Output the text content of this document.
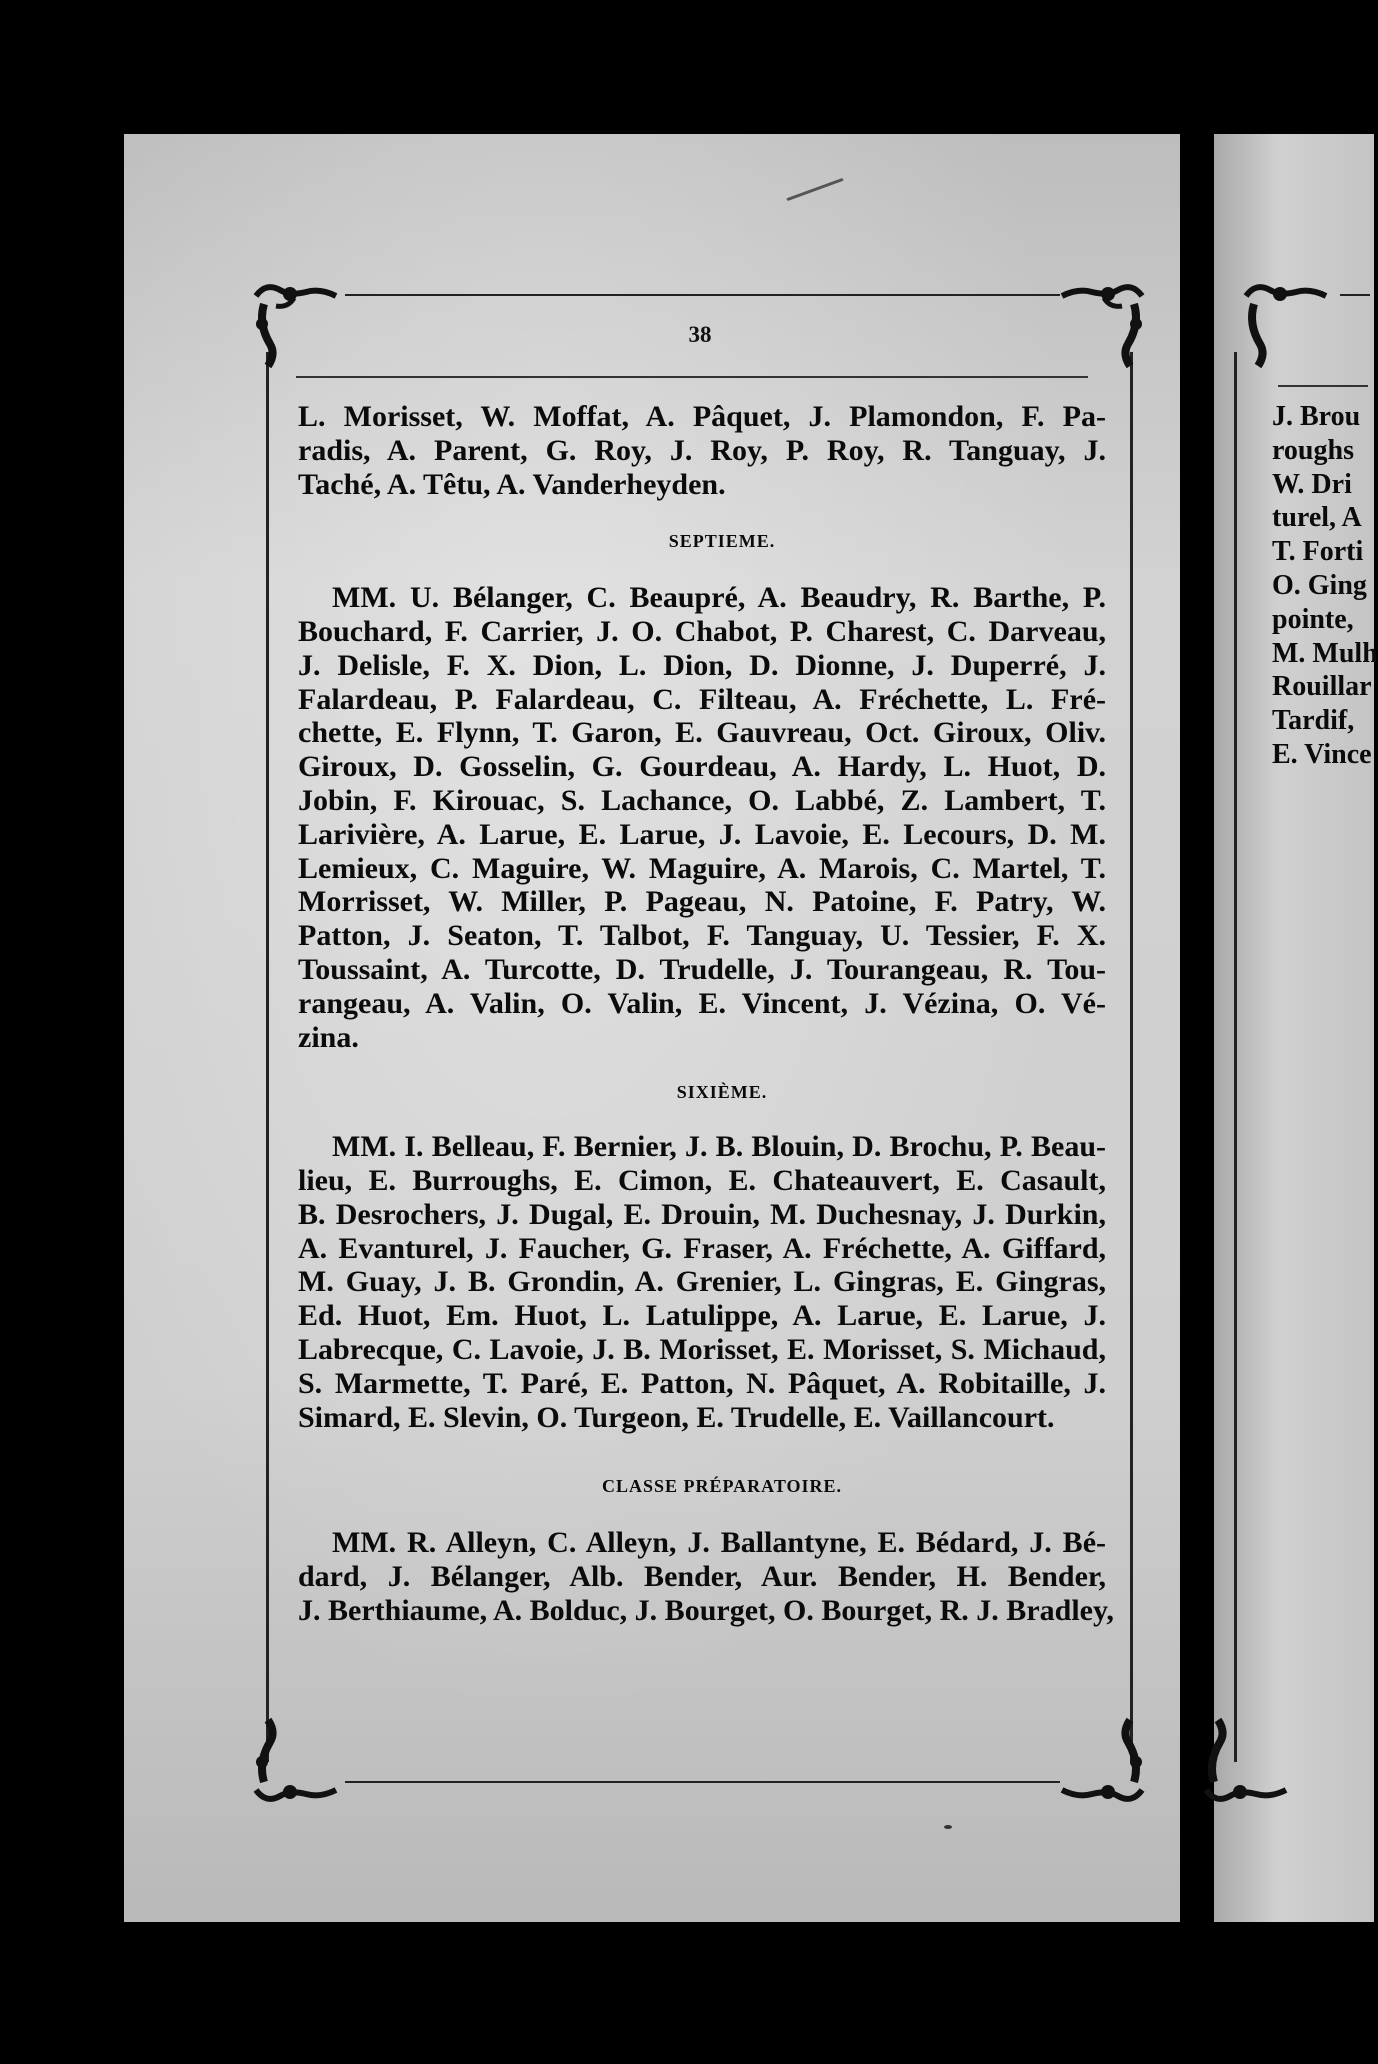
38
L. Morisset, W. Moffat, A. Pâquet, J. Plamondon, F. Pa-
radis, A. Parent, G. Roy, J. Roy, P. Roy, R. Tanguay, J.
Taché, A. Têtu, A. Vanderheyden.

SEPTIEME.

MM. U. Bélanger, C. Beaupré, A. Beaudry, R. Barthe, P.
Bouchard, F. Carrier, J. O. Chabot, P. Charest, C. Darveau,
J. Delisle, F. X. Dion, L. Dion, D. Dionne, J. Duperré, J.
Falardeau, P. Falardeau, C. Filteau, A. Fréchette, L. Fré-
chette, E. Flynn, T. Garon, E. Gauvreau, Oct. Giroux, Oliv.
Giroux, D. Gosselin, G. Gourdeau, A. Hardy, L. Huot, D.
Jobin, F. Kirouac, S. Lachance, O. Labbé, Z. Lambert, T.
Larivière, A. Larue, E. Larue, J. Lavoie, E. Lecours, D. M.
Lemieux, C. Maguire, W. Maguire, A. Marois, C. Martel, T.
Morrisset, W. Miller, P. Pageau, N. Patoine, F. Patry, W.
Patton, J. Seaton, T. Talbot, F. Tanguay, U. Tessier, F. X.
Toussaint, A. Turcotte, D. Trudelle, J. Tourangeau, R. Tou-
rangeau, A. Valin, O. Valin, E. Vincent, J. Vézina, O. Vé-
zina.

SIXIÈME.

MM. I. Belleau, F. Bernier, J. B. Blouin, D. Brochu, P. Beau-
lieu, E. Burroughs, E. Cimon, E. Chateauvert, E. Casault,
B. Desrochers, J. Dugal, E. Drouin, M. Duchesnay, J. Durkin,
A. Evanturel, J. Faucher, G. Fraser, A. Fréchette, A. Giffard,
M. Guay, J. B. Grondin, A. Grenier, L. Gingras, E. Gingras,
Ed. Huot, Em. Huot, L. Latulippe, A. Larue, E. Larue, J.
Labrecque, C. Lavoie, J. B. Morisset, E. Morisset, S. Michaud,
S. Marmette, T. Paré, E. Patton, N. Pâquet, A. Robitaille, J.
Simard, E. Slevin, O. Turgeon, E. Trudelle, E. Vaillancourt.

CLASSE PRÉPARATOIRE.

MM. R. Alleyn, C. Alleyn, J. Ballantyne, E. Bédard, J. Bé-
dard, J. Bélanger, Alb. Bender, Aur. Bender, H. Bender,
J. Berthiaume, A. Bolduc, J. Bourget, O. Bourget, R. J. Bradley,
J. Brou
roughs
W. Dri
turel, A
T. Forti
O. Ging
pointe,
M. Mulh
Rouillar
Tardif,
E. Vince
